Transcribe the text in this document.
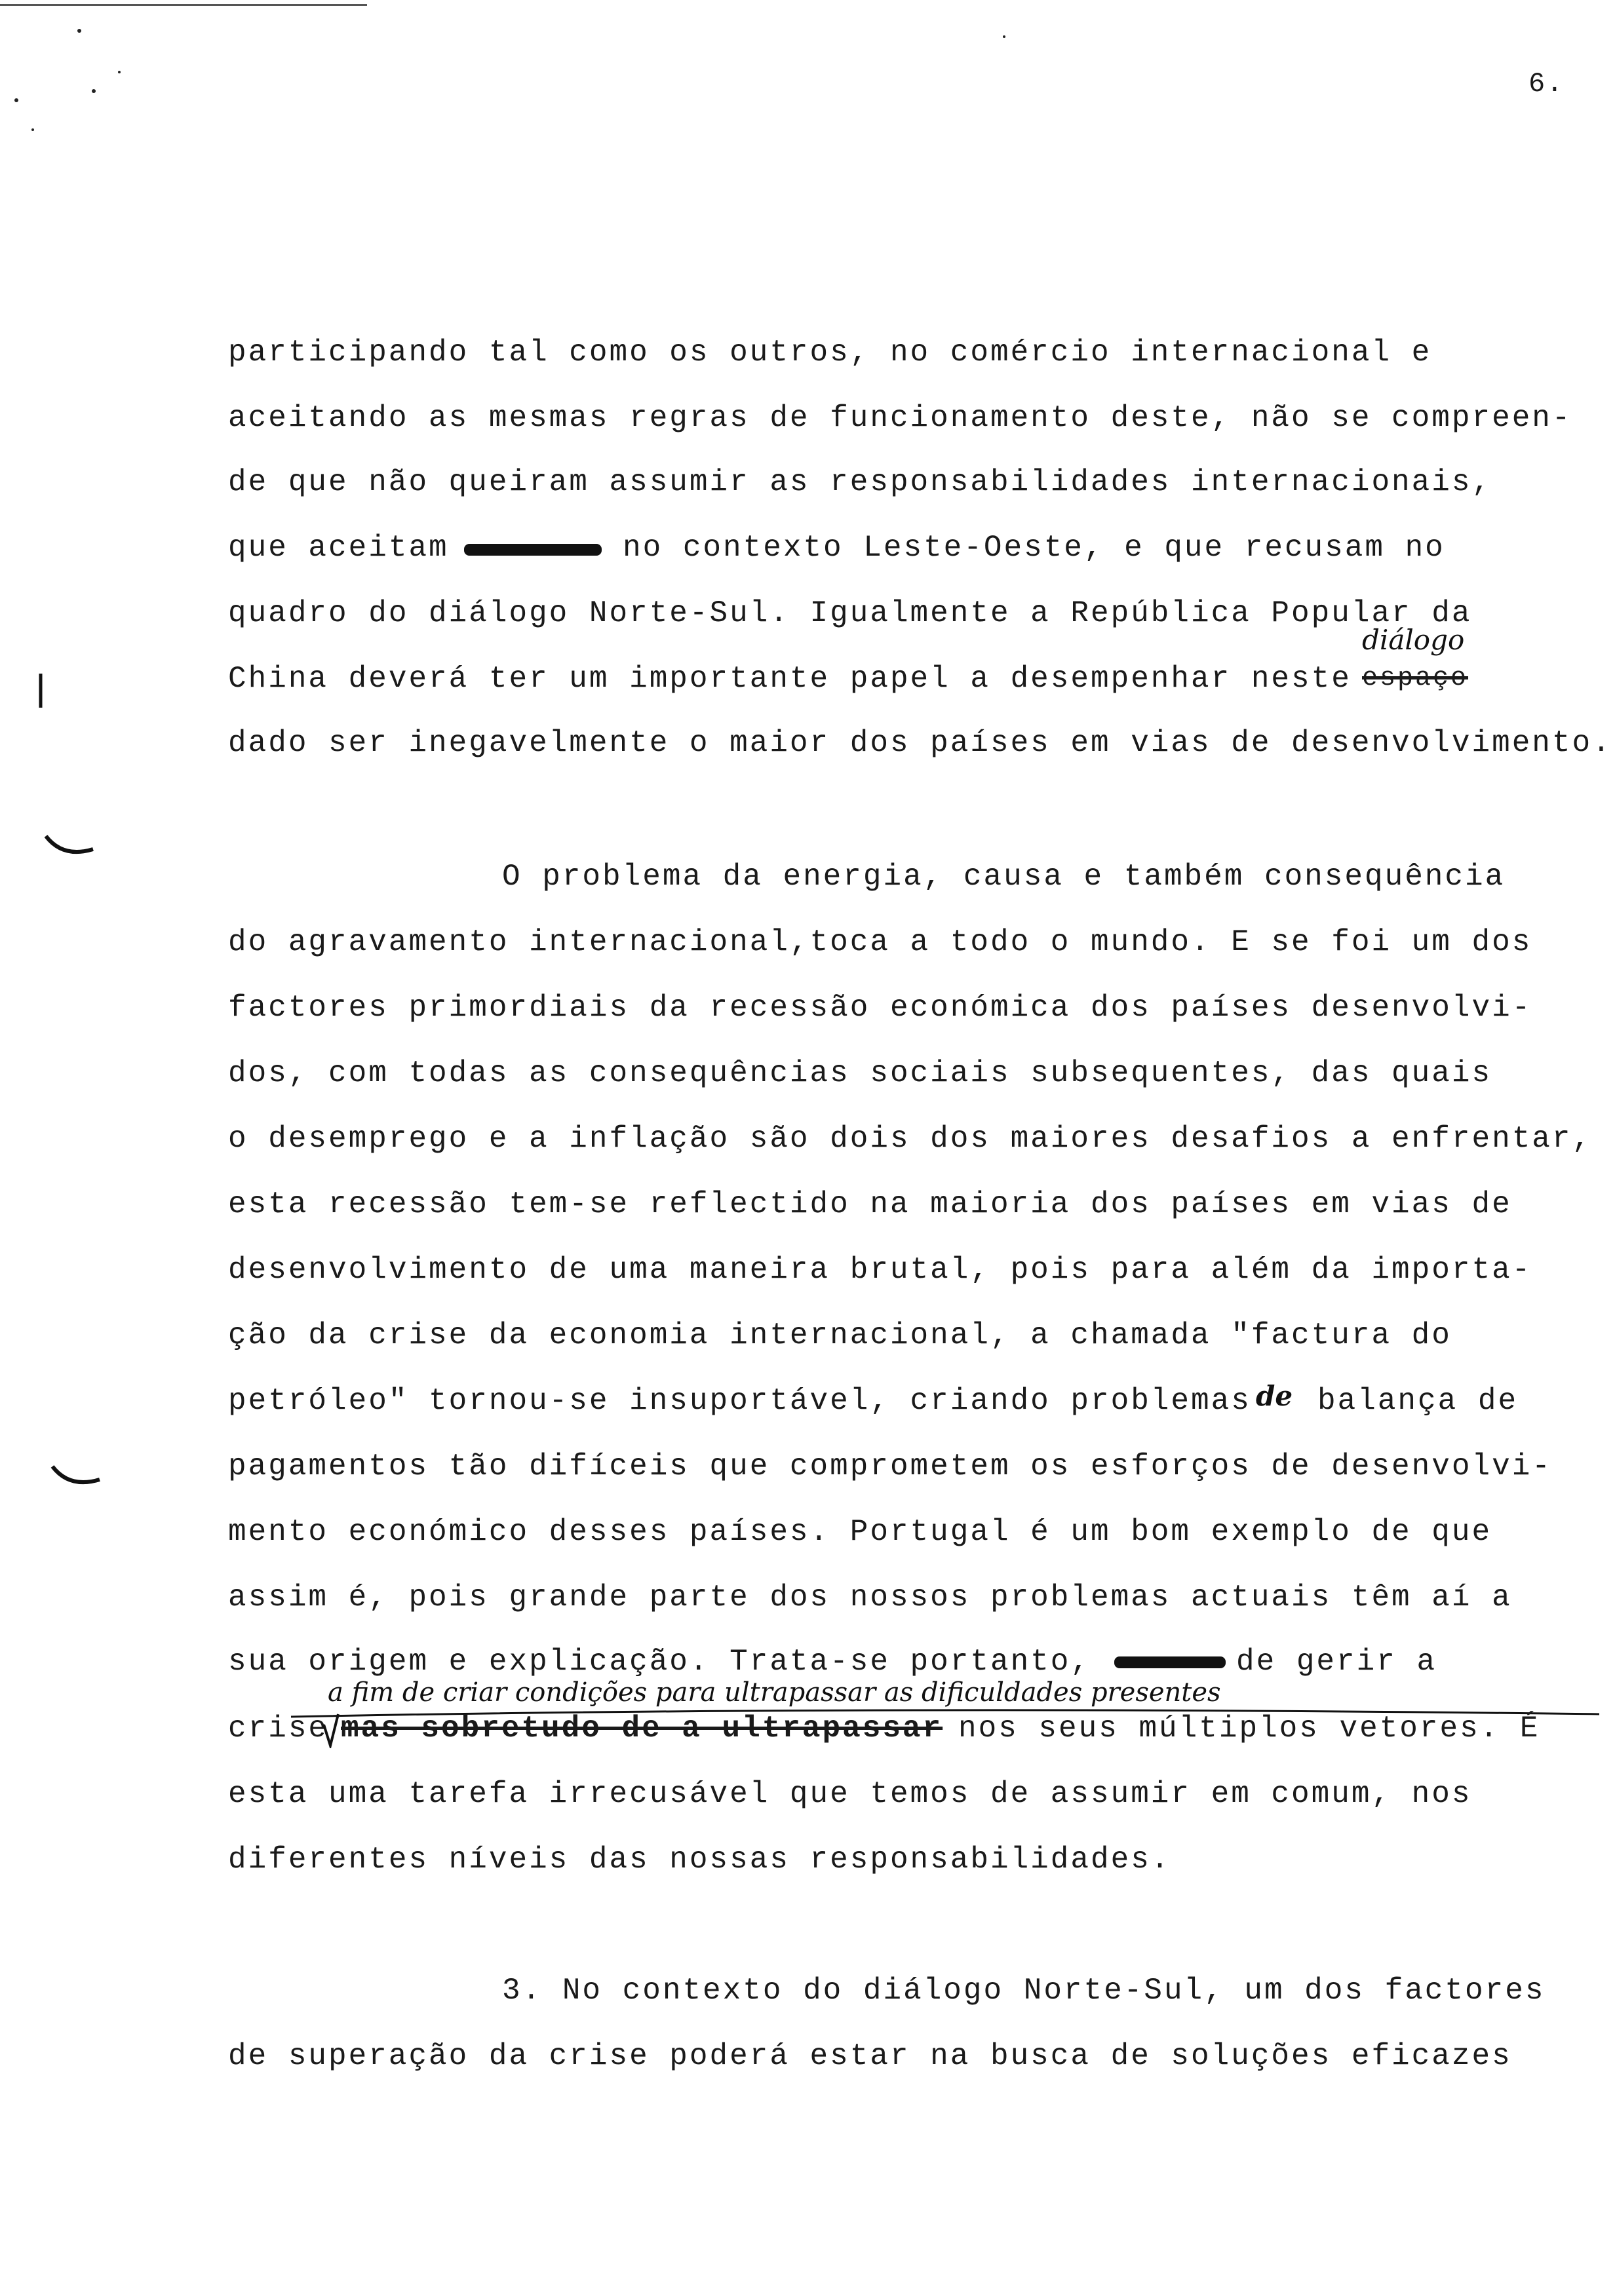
6.
participando tal como os outros, no comércio internacional e
aceitando as mesmas regras de funcionamento deste, não se compreen-
de que não queiram assumir as responsabilidades internacionais,
que aceitam	no contexto Leste-Oeste, e que recusam no
quadro do diálogo Norte-Sul. Igualmente a República Popular da
diálogo
China deverá ter um importante papel a desempenhar neste espaço
dado ser inegavelmente o maior dos países em vias de desenvolvimento.
O problema da energia, causa e também consequência
do agravamento internacional,toca a todo o mundo. E se foi um dos
factores primordiais da recessão económica dos países desenvolvi-
dos, com todas as consequências sociais subsequentes, das quais
o desemprego e a inflação são dois dos maiores desafios a enfrentar,
esta recessão tem-se reflectido na maioria dos países em vias de
desenvolvimento de uma maneira brutal, pois para além da importa-
ção da crise da economia internacional, a chamada "factura do
petróleo" tornou-se insuportável, criando problemas de balança de
pagamentos tão difíceis que comprometem os esforços de desenvolvi-
mento económico desses países. Portugal é um bom exemplo de que
assim é, pois grande parte dos nossos problemas actuais têm aí a
sua origem e explicação. Trata-se portanto,	de gerir a
a fim de criar condições para ultrapassar as dificuldades presentes
crise mas sobretudo de a ultrapassar nos seus múltiplos vetores. É
esta uma tarefa irrecusável que temos de assumir em comum, nos
diferentes níveis das nossas responsabilidades.
3. No contexto do diálogo Norte-Sul, um dos factores
de superação da crise poderá estar na busca de soluções eficazes
